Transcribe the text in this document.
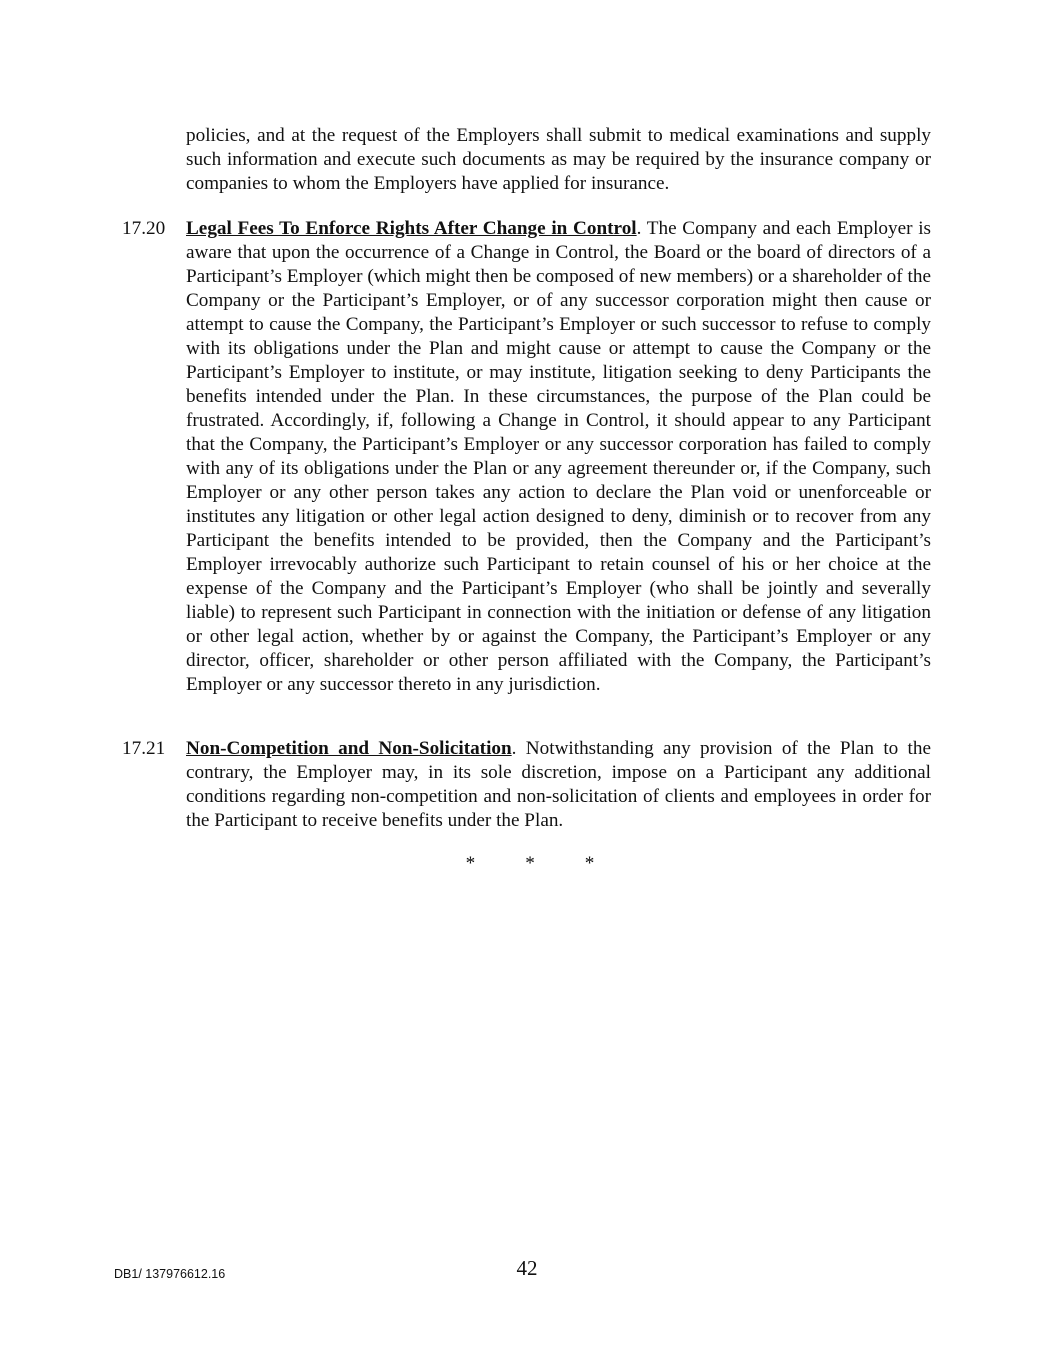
policies, and at the request of the Employers shall submit to medical examinations and supply such information and execute such documents as may be required by the insurance company or companies to whom the Employers have applied for insurance.

17.20	Legal Fees To Enforce Rights After Change in Control. The Company and each Employer is aware that upon the occurrence of a Change in Control, the Board or the board of directors of a Participant’s Employer (which might then be composed of new members) or a shareholder of the Company or the Participant’s Employer, or of any successor corporation might then cause or attempt to cause the Company, the Participant’s Employer or such successor to refuse to comply with its obligations under the Plan and might cause or attempt to cause the Company or the Participant’s Employer to institute, or may institute, litigation seeking to deny Participants the benefits intended under the Plan. In these circumstances, the purpose of the Plan could be frustrated. Accordingly, if, following a Change in Control, it should appear to any Participant that the Company, the Participant’s Employer or any successor corporation has failed to comply with any of its obligations under the Plan or any agreement thereunder or, if the Company, such Employer or any other person takes any action to declare the Plan void or unenforceable or institutes any litigation or other legal action designed to deny, diminish or to recover from any Participant the benefits intended to be provided, then the Company and the Participant’s Employer irrevocably authorize such Participant to retain counsel of his or her choice at the expense of the Company and the Participant’s Employer (who shall be jointly and severally liable) to represent such Participant in connection with the initiation or defense of any litigation or other legal action, whether by or against the Company, the Participant’s Employer or any director, officer, shareholder or other person affiliated with the Company, the Participant’s Employer or any successor thereto in any jurisdiction.

17.21	Non-Competition and Non-Solicitation. Notwithstanding any provision of the Plan to the contrary, the Employer may, in its sole discretion, impose on a Participant any additional conditions regarding non-competition and non-solicitation of clients and employees in order for the Participant to receive benefits under the Plan.

*	*	*
DB1/ 137976612.16	42
